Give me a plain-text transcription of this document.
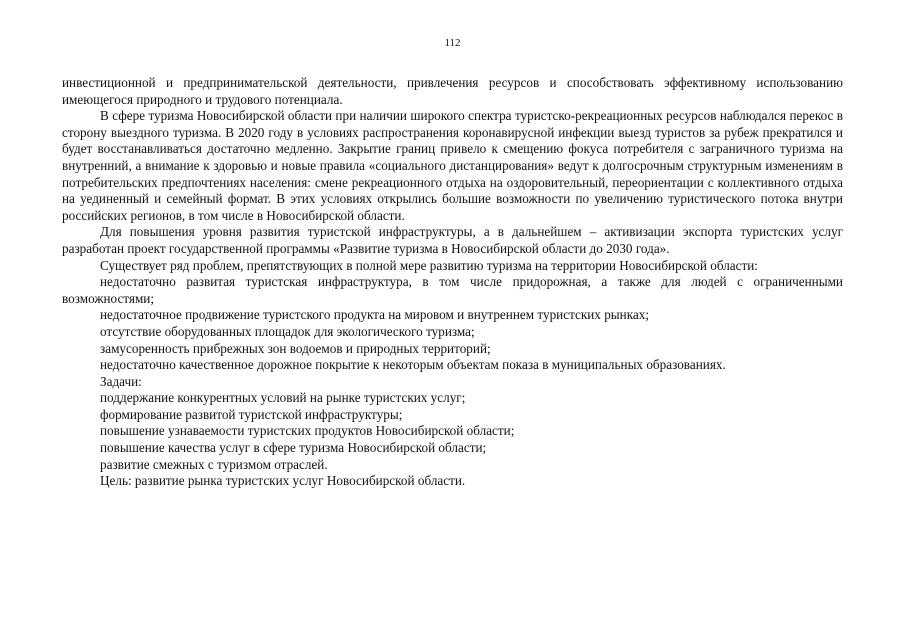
112

инвестиционной и предпринимательской деятельности, привлечения ресурсов и способствовать эффективному использованию имеющегося природного и трудового потенциала.

В сфере туризма Новосибирской области при наличии широкого спектра туристско-рекреационных ресурсов наблюдался перекос в сторону выездного туризма. В 2020 году в условиях распространения коронавирусной инфекции выезд туристов за рубеж прекратился и будет восстанавливаться достаточно медленно. Закрытие границ привело к смещению фокуса потребителя с заграничного туризма на внутренний, а внимание к здоровью и новые правила «социального дистанцирования» ведут к долгосрочным структурным изменениям в потребительских предпочтениях населения: смене рекреационного отдыха на оздоровительный, переориентации с коллективного отдыха на уединенный и семейный формат. В этих условиях открылись большие возможности по увеличению туристического потока внутри российских регионов, в том числе в Новосибирской области.

Для повышения уровня развития туристской инфраструктуры, а в дальнейшем – активизации экспорта туристских услуг разработан проект государственной программы «Развитие туризма в Новосибирской области до 2030 года».

Существует ряд проблем, препятствующих в полной мере развитию туризма на территории Новосибирской области:

недостаточно развитая туристская инфраструктура, в том числе придорожная, а также для людей с ограниченными возможностями;

недостаточное продвижение туристского продукта на мировом и внутреннем туристских рынках;

отсутствие оборудованных площадок для экологического туризма;

замусоренность прибрежных зон водоемов и природных территорий;

недостаточно качественное дорожное покрытие к некоторым объектам показа в муниципальных образованиях.

Задачи:

поддержание конкурентных условий на рынке туристских услуг;

формирование развитой туристской инфраструктуры;

повышение узнаваемости туристских продуктов Новосибирской области;

повышение качества услуг в сфере туризма Новосибирской области;

развитие смежных с туризмом отраслей.

Цель: развитие рынка туристских услуг Новосибирской области.
